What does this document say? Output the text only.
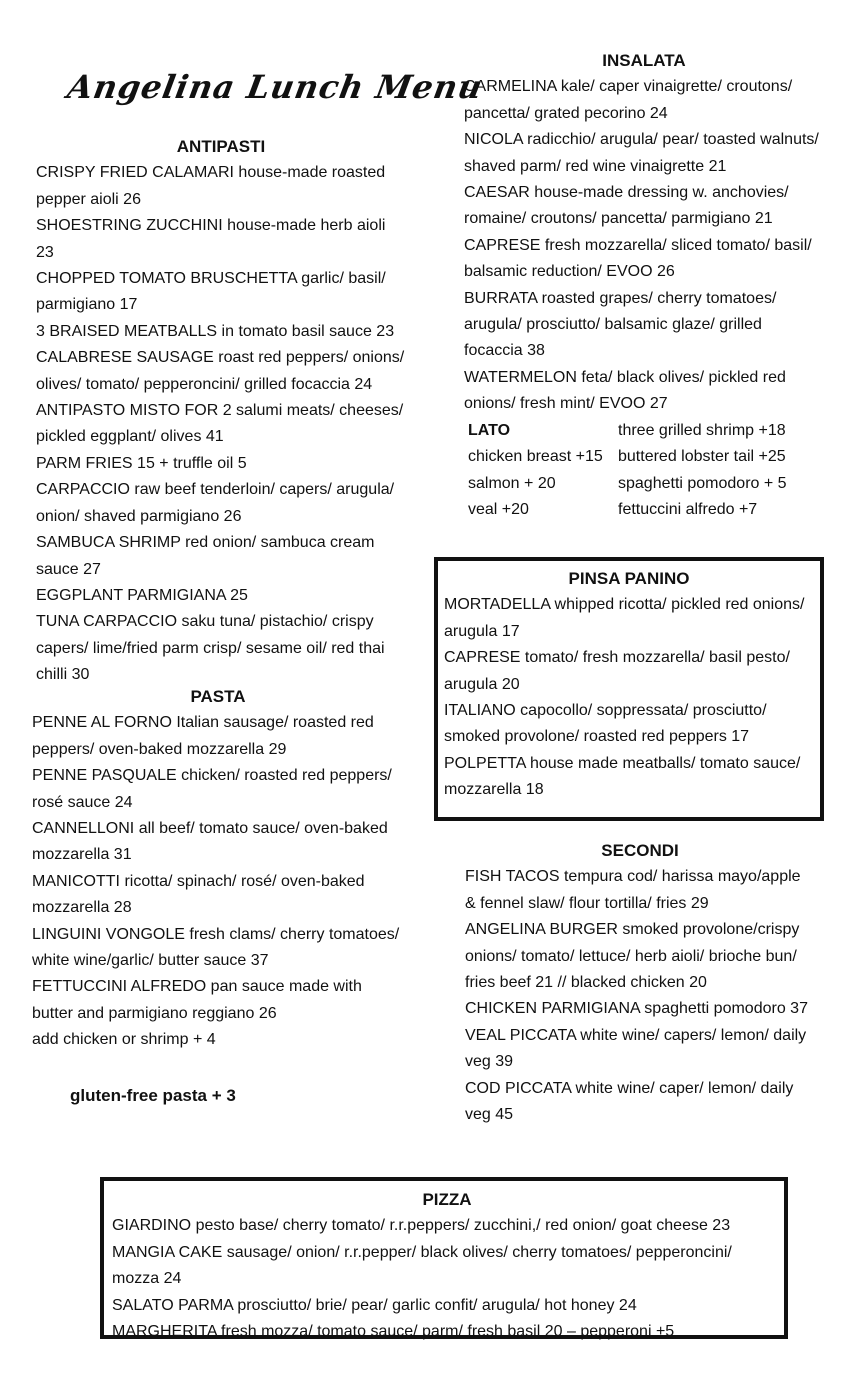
Angelina Lunch Menu
ANTIPASTI
CRISPY FRIED CALAMARI house-made roasted pepper aioli 26
SHOESTRING ZUCCHINI house-made herb aioli 23
CHOPPED TOMATO BRUSCHETTA garlic/ basil/ parmigiano 17
3 BRAISED MEATBALLS in tomato basil sauce 23
CALABRESE SAUSAGE roast red peppers/ onions/ olives/ tomato/ pepperoncini/ grilled focaccia 24
ANTIPASTO MISTO FOR 2 salumi meats/ cheeses/ pickled eggplant/ olives 41
PARM FRIES 15 + truffle oil 5
CARPACCIO raw beef tenderloin/ capers/ arugula/ onion/ shaved parmigiano 26
SAMBUCA SHRIMP red onion/ sambuca cream sauce 27
EGGPLANT PARMIGIANA 25
TUNA CARPACCIO saku tuna/ pistachio/ crispy capers/ lime/fried parm crisp/ sesame oil/ red thai chilli 30
PASTA
PENNE AL FORNO Italian sausage/ roasted red peppers/ oven-baked mozzarella 29
PENNE PASQUALE chicken/ roasted red peppers/ rosé sauce 24
CANNELLONI all beef/ tomato sauce/ oven-baked mozzarella 31
MANICOTTI ricotta/ spinach/ rosé/ oven-baked mozzarella 28
LINGUINI VONGOLE fresh clams/ cherry tomatoes/ white wine/garlic/ butter sauce 37
FETTUCCINI ALFREDO pan sauce made with butter and parmigiano reggiano 26
add chicken or shrimp + 4
gluten-free pasta + 3
INSALATA
CARMELINA kale/ caper vinaigrette/ croutons/ pancetta/ grated pecorino 24
NICOLA radicchio/ arugula/ pear/ toasted walnuts/ shaved parm/ red wine vinaigrette 21
CAESAR house-made dressing w. anchovies/ romaine/ croutons/ pancetta/ parmigiano 21
CAPRESE fresh mozzarella/ sliced tomato/ basil/ balsamic reduction/ EVOO 26
BURRATA roasted grapes/ cherry tomatoes/ arugula/ prosciutto/ balsamic glaze/ grilled focaccia 38
WATERMELON feta/ black olives/ pickled red onions/ fresh mint/ EVOO 27
LATO
chicken breast +15
salmon + 20
veal +20
three grilled shrimp +18
buttered lobster tail +25
spaghetti pomodoro + 5
fettuccini alfredo +7
PINSA PANINO
MORTADELLA whipped ricotta/ pickled red onions/ arugula 17
CAPRESE tomato/ fresh mozzarella/ basil pesto/ arugula 20
ITALIANO capocollo/ soppressata/ prosciutto/ smoked provolone/ roasted red peppers 17
POLPETTA house made meatballs/ tomato sauce/ mozzarella 18
SECONDI
FISH TACOS tempura cod/ harissa mayo/apple & fennel slaw/ flour tortilla/ fries 29
ANGELINA BURGER smoked provolone/crispy onions/ tomato/ lettuce/ herb aioli/ brioche bun/ fries beef 21 // blacked chicken 20
CHICKEN PARMIGIANA spaghetti pomodoro 37
VEAL PICCATA white wine/ capers/ lemon/ daily veg 39
COD PICCATA white wine/ caper/ lemon/ daily veg 45
PIZZA
GIARDINO pesto base/ cherry tomato/ r.r.peppers/ zucchini,/ red onion/ goat cheese 23
MANGIA CAKE sausage/ onion/ r.r.pepper/ black olives/ cherry tomatoes/ pepperoncini/ mozza 24
SALATO PARMA prosciutto/ brie/ pear/ garlic confit/ arugula/ hot honey 24
MARGHERITA fresh mozza/ tomato sauce/ parm/ fresh basil 20 – pepperoni +5
